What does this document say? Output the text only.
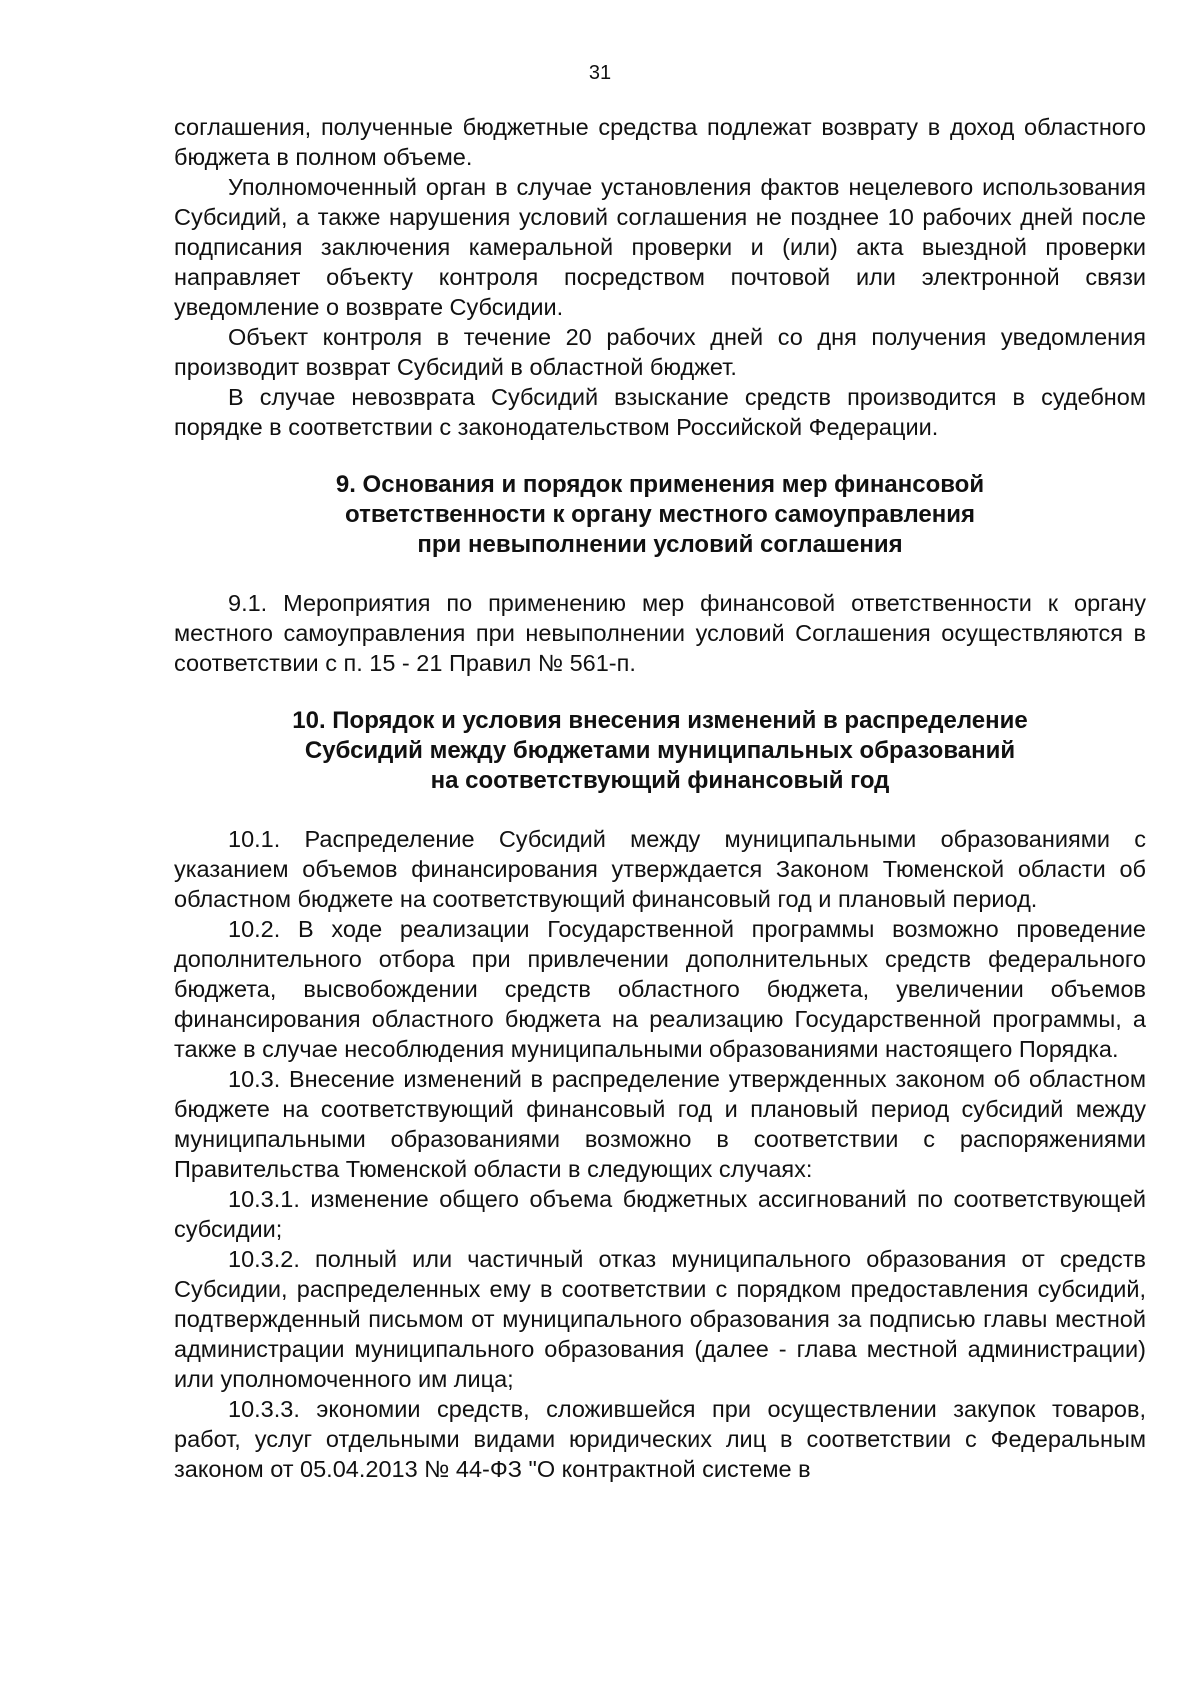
31

соглашения, полученные бюджетные средства подлежат возврату в доход областного бюджета в полном объеме.

Уполномоченный орган в случае установления фактов нецелевого использования Субсидий, а также нарушения условий соглашения не позднее 10 рабочих дней после подписания заключения камеральной проверки и (или) акта выездной проверки направляет объекту контроля посредством почтовой или электронной связи уведомление о возврате Субсидии.

Объект контроля в течение 20 рабочих дней со дня получения уведомления производит возврат Субсидий в областной бюджет.

В случае невозврата Субсидий взыскание средств производится в судебном порядке в соответствии с законодательством Российской Федерации.

9. Основания и порядок применения мер финансовой
ответственности к органу местного самоуправления
при невыполнении условий соглашения

9.1. Мероприятия по применению мер финансовой ответственности к органу местного самоуправления при невыполнении условий Соглашения осуществляются в соответствии с п. 15 - 21 Правил № 561-п.

10. Порядок и условия внесения изменений в распределение
Субсидий между бюджетами муниципальных образований
на соответствующий финансовый год

10.1. Распределение Субсидий между муниципальными образованиями с указанием объемов финансирования утверждается Законом Тюменской области об областном бюджете на соответствующий финансовый год и плановый период.

10.2. В ходе реализации Государственной программы возможно проведение дополнительного отбора при привлечении дополнительных средств федерального бюджета, высвобождении средств областного бюджета, увеличении объемов финансирования областного бюджета на реализацию Государственной программы, а также в случае несоблюдения муниципальными образованиями настоящего Порядка.

10.3. Внесение изменений в распределение утвержденных законом об областном бюджете на соответствующий финансовый год и плановый период субсидий между муниципальными образованиями возможно в соответствии с распоряжениями Правительства Тюменской области в следующих случаях:

10.3.1. изменение общего объема бюджетных ассигнований по соответствующей субсидии;

10.3.2. полный или частичный отказ муниципального образования от средств Субсидии, распределенных ему в соответствии с порядком предоставления субсидий, подтвержденный письмом от муниципального образования за подписью главы местной администрации муниципального образования (далее - глава местной администрации) или уполномоченного им лица;

10.3.3. экономии средств, сложившейся при осуществлении закупок товаров, работ, услуг отдельными видами юридических лиц в соответствии с Федеральным законом от 05.04.2013 № 44-ФЗ "О контрактной системе в
